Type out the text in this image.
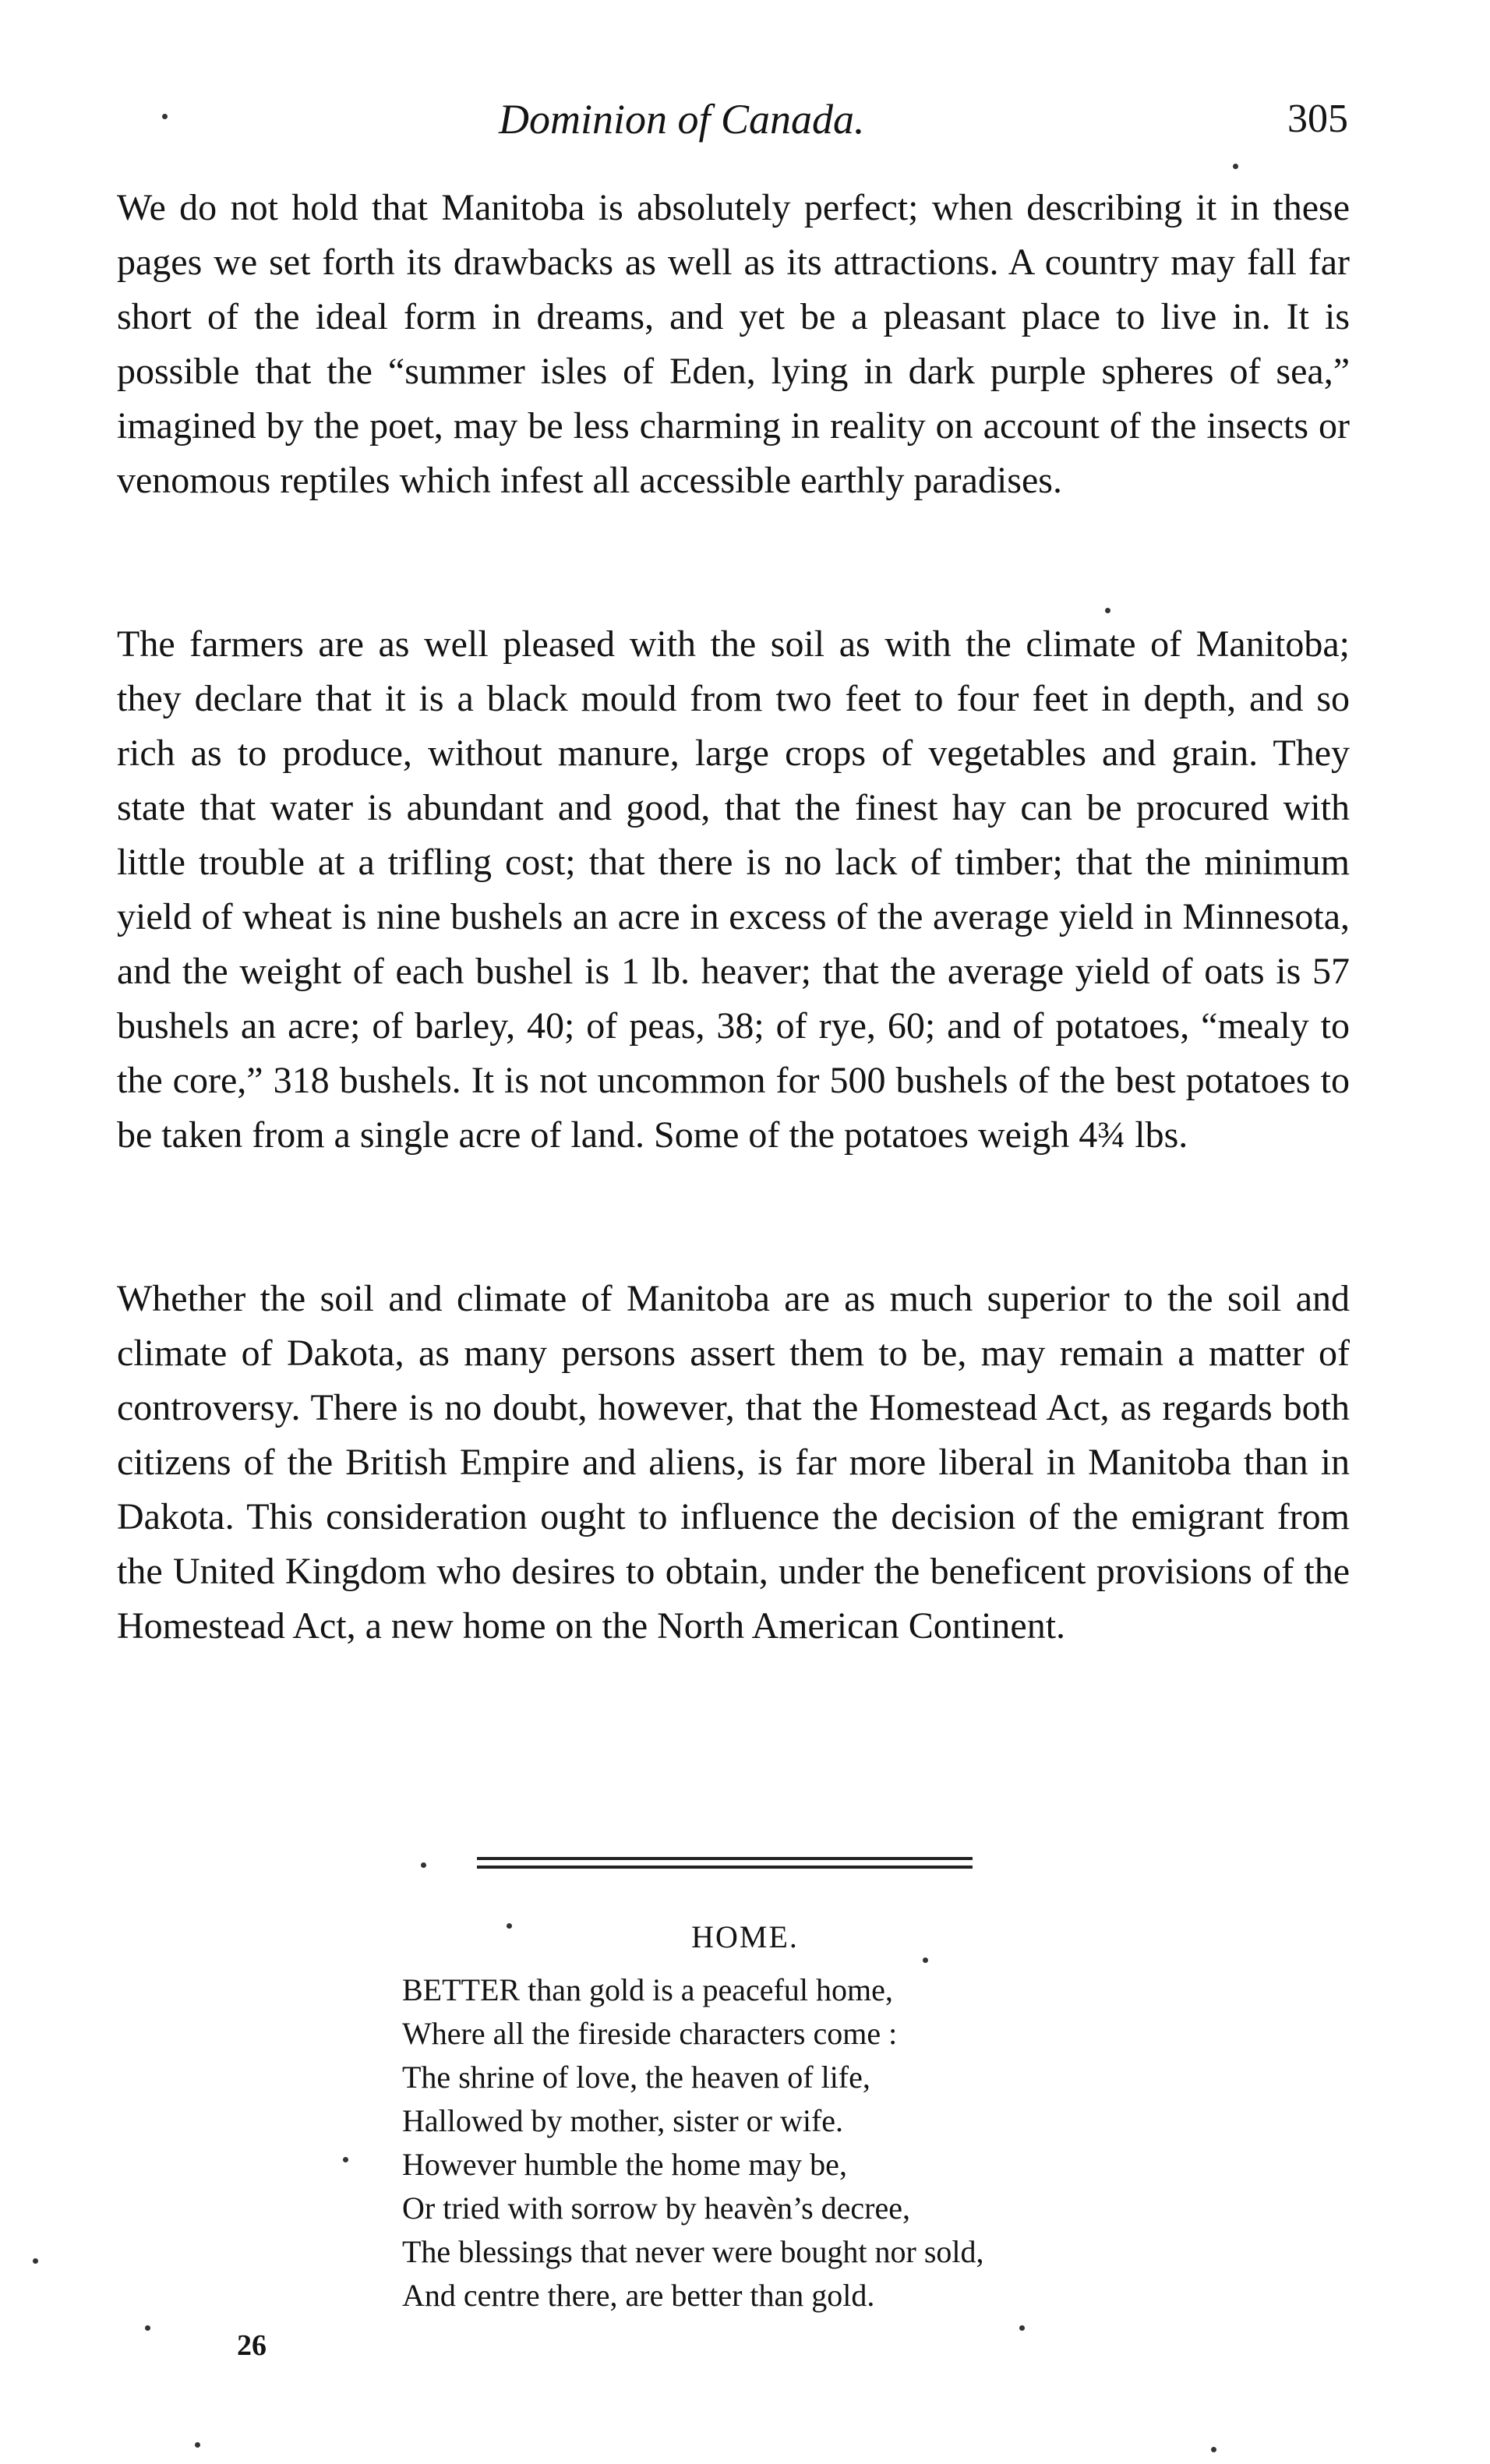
Dominion of Canada.	305

We do not hold that Manitoba is absolutely perfect; when describing it in these pages we set forth its drawbacks as well as its attractions. A country may fall far short of the ideal form in dreams, and yet be a pleasant place to live in. It is possible that the “summer isles of Eden, lying in dark purple spheres of sea,” imagined by the poet, may be less charming in reality on account of the insects or venomous reptiles which infest all accessible earthly paradises.

The farmers are as well pleased with the soil as with the climate of Manitoba; they declare that it is a black mould from two feet to four feet in depth, and so rich as to produce, without manure, large crops of vegetables and grain. They state that water is abundant and good, that the finest hay can be procured with little trouble at a trifling cost; that there is no lack of timber; that the minimum yield of wheat is nine bushels an acre in excess of the average yield in Minnesota, and the weight of each bushel is 1 lb. heaver; that the average yield of oats is 57 bushels an acre; of barley, 40; of peas, 38; of rye, 60; and of potatoes, “mealy to the core,” 318 bushels. It is not uncommon for 500 bushels of the best potatoes to be taken from a single acre of land. Some of the potatoes weigh 4¾ lbs.

Whether the soil and climate of Manitoba are as much superior to the soil and climate of Dakota, as many persons assert them to be, may remain a matter of controversy. There is no doubt, however, that the Homestead Act, as regards both citizens of the British Empire and aliens, is far more liberal in Manitoba than in Dakota. This consideration ought to influence the decision of the emigrant from the United Kingdom who desires to obtain, under the beneficent provisions of the Homestead Act, a new home on the North American Continent.

HOME.
BETTER than gold is a peaceful home,
Where all the fireside characters come :
The shrine of love, the heaven of life,
Hallowed by mother, sister or wife.
However humble the home may be,
Or tried with sorrow by heavèn’s decree,
The blessings that never were bought nor sold,
And centre there, are better than gold.
26
